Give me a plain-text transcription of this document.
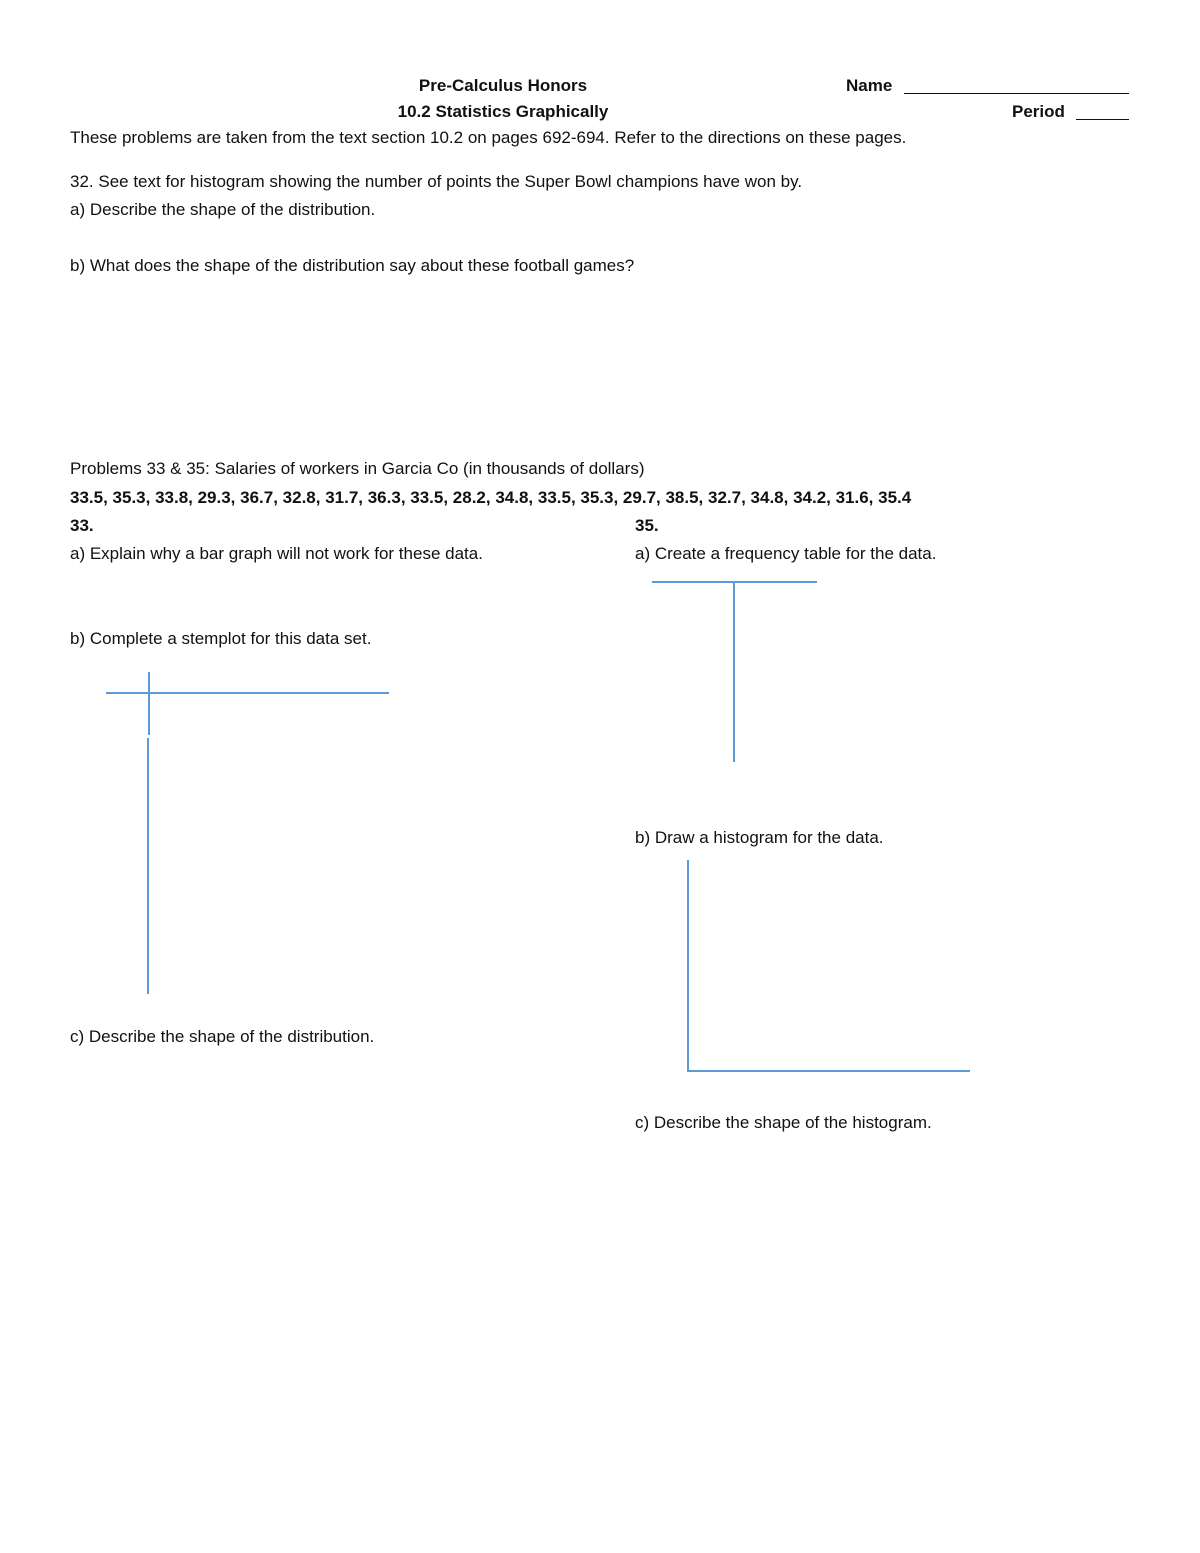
Pre-Calculus Honors
10.2 Statistics Graphically
Name
Period
These problems are taken from the text section 10.2 on pages 692-694. Refer to the directions on these pages.
32. See text for histogram showing the number of points the Super Bowl champions have won by.
a) Describe the shape of the distribution.
b) What does the shape of the distribution say about these football games?
Problems 33 & 35: Salaries of workers in Garcia Co (in thousands of dollars)
33.5, 35.3, 33.8, 29.3, 36.7, 32.8, 31.7, 36.3, 33.5, 28.2, 34.8, 33.5, 35.3, 29.7, 38.5, 32.7, 34.8, 34.2, 31.6, 35.4
33.
a) Explain why a bar graph will not work for these data.
b) Complete a stemplot for this data set.
c) Describe the shape of the distribution.
35.
a) Create a frequency table for the data.
b) Draw a histogram for the data.
c) Describe the shape of the histogram.
